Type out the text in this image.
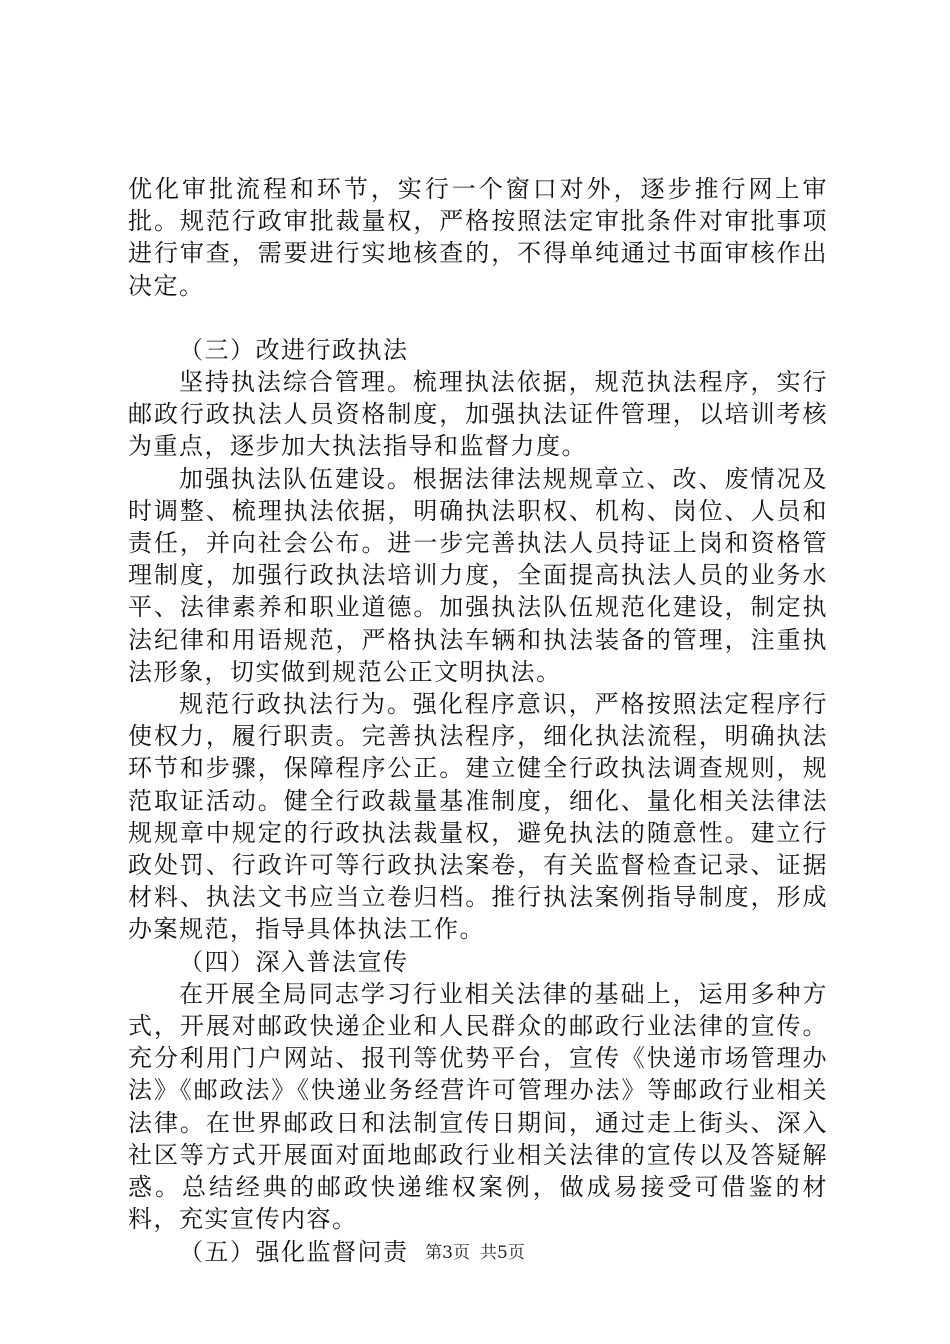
优化审批流程和环节，实行一个窗口对外，逐步推行网上审批。规范行政审批裁量权，严格按照法定审批条件对审批事项进行审查，需要进行实地核查的，不得单纯通过书面审核作出决定。

（三）改进行政执法

坚持执法综合管理。梳理执法依据，规范执法程序，实行邮政行政执法人员资格制度，加强执法证件管理，以培训考核为重点，逐步加大执法指导和监督力度。

加强执法队伍建设。根据法律法规规章立、改、废情况及时调整、梳理执法依据，明确执法职权、机构、岗位、人员和责任，并向社会公布。进一步完善执法人员持证上岗和资格管理制度，加强行政执法培训力度，全面提高执法人员的业务水平、法律素养和职业道德。加强执法队伍规范化建设，制定执法纪律和用语规范，严格执法车辆和执法装备的管理，注重执法形象，切实做到规范公正文明执法。

规范行政执法行为。强化程序意识，严格按照法定程序行使权力，履行职责。完善执法程序，细化执法流程，明确执法环节和步骤，保障程序公正。建立健全行政执法调查规则，规范取证活动。健全行政裁量基准制度，细化、量化相关法律法规规章中规定的行政执法裁量权，避免执法的随意性。建立行政处罚、行政许可等行政执法案卷，有关监督检查记录、证据材料、执法文书应当立卷归档。推行执法案例指导制度，形成办案规范，指导具体执法工作。

（四）深入普法宣传

在开展全局同志学习行业相关法律的基础上，运用多种方式，开展对邮政快递企业和人民群众的邮政行业法律的宣传。充分利用门户网站、报刊等优势平台，宣传《快递市场管理办法》《邮政法》《快递业务经营许可管理办法》等邮政行业相关法律。在世界邮政日和法制宣传日期间，通过走上街头、深入社区等方式开展面对面地邮政行业相关法律的宣传以及答疑解惑。总结经典的邮政快递维权案例，做成易接受可借鉴的材料，充实宣传内容。

（五）强化监督问责 第3页 共5页
